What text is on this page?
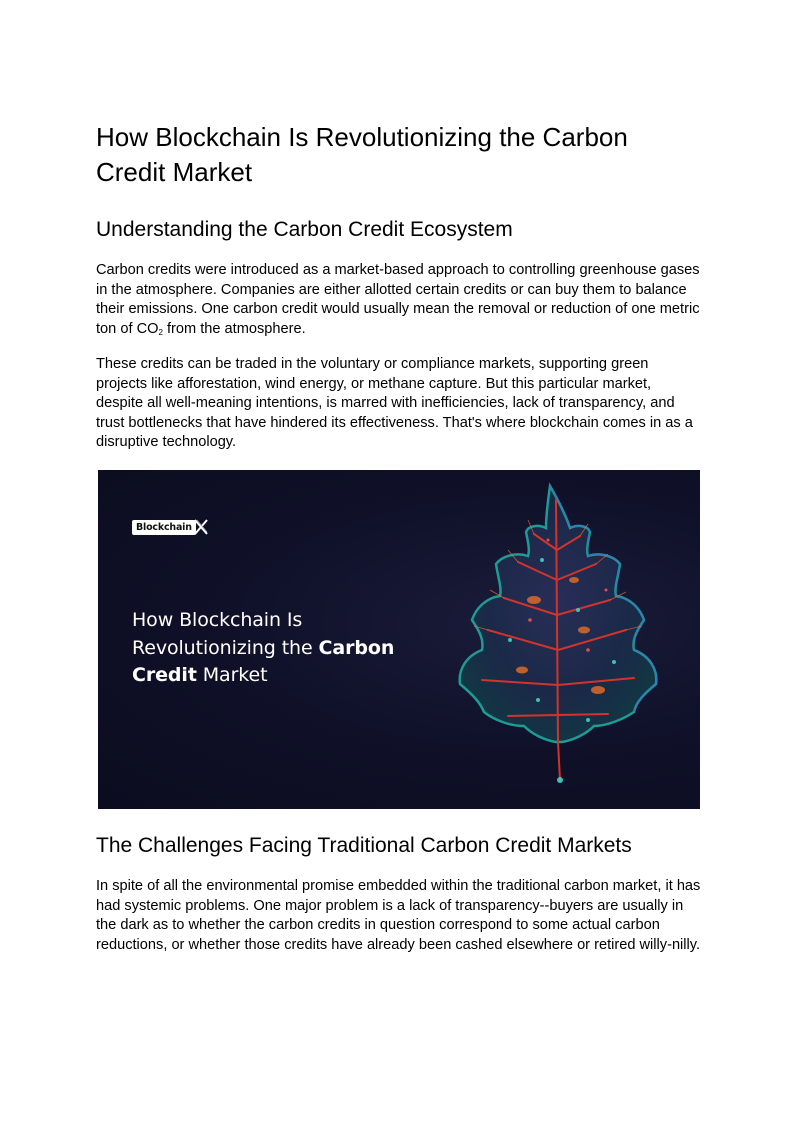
How Blockchain Is Revolutionizing the Carbon Credit Market
Understanding the Carbon Credit Ecosystem

Carbon credits were introduced as a market-based approach to controlling greenhouse gases in the atmosphere. Companies are either allotted certain credits or can buy them to balance their emissions. One carbon credit would usually mean the removal or reduction of one metric ton of $CO_2$ from the atmosphere.

These credits can be traded in the voluntary or compliance markets, supporting green projects like afforestation, wind energy, or methane capture. But this particular market, despite all well-meaning intentions, is marred with inefficiencies, lack of transparency, and trust bottlenecks that have hindered its effectiveness. That's where blockchain comes in as a disruptive technology.

The Challenges Facing Traditional Carbon Credit Markets

In spite of all the environmental promise embedded within the traditional carbon market, it has had systemic problems. One major problem is a lack of transparency--buyers are usually in the dark as to whether the carbon credits in question correspond to some actual carbon reductions, or whether those credits have already been cashed elsewhere or retired willy-nilly.

Blockchain
How Blockchain Is
Revolutionizing the Carbon
Credit Market
